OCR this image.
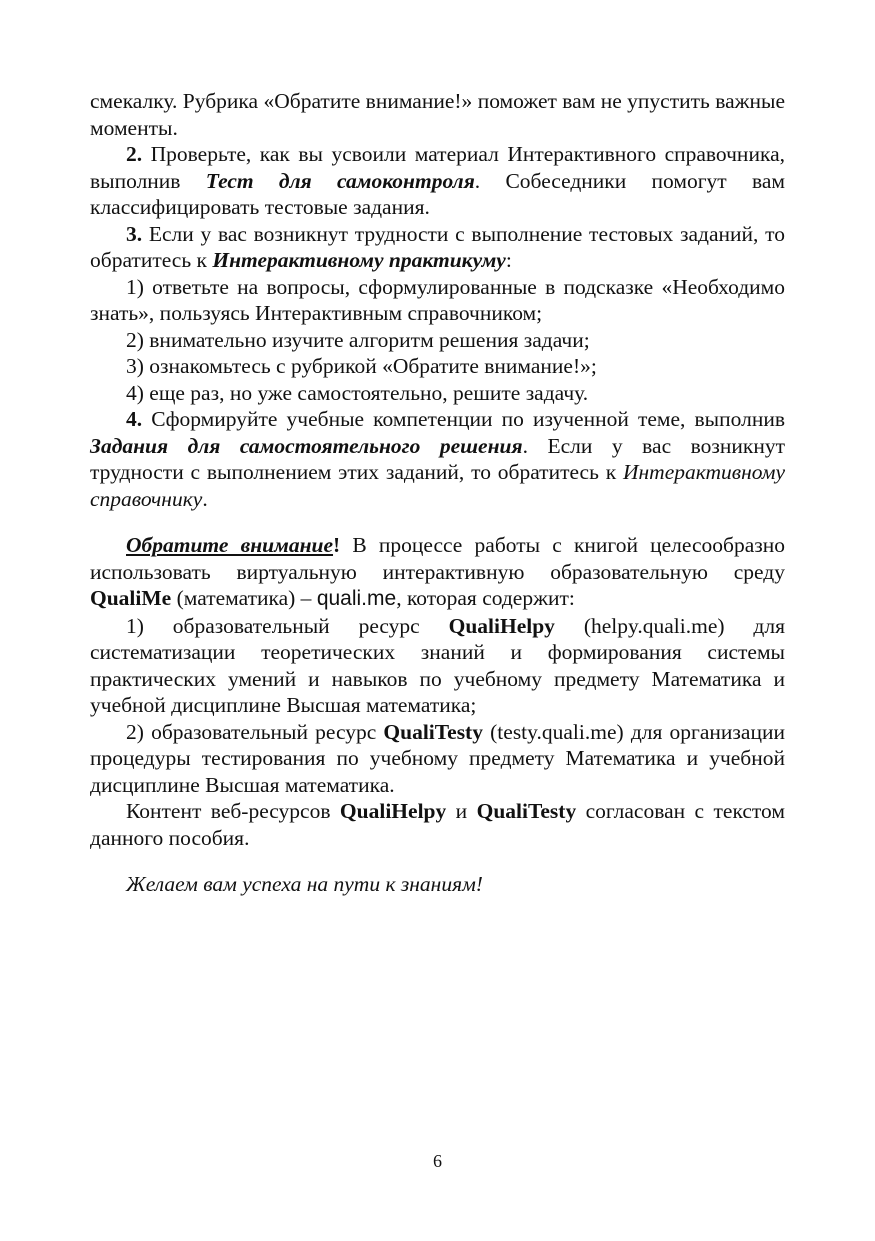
смекалку. Рубрика «Обратите внимание!» поможет вам не упустить важные моменты.

2. Проверьте, как вы усвоили материал Интерактивного справочника, выполнив Тест для самоконтроля. Собеседники помогут вам классифицировать тестовые задания.

3. Если у вас возникнут трудности с выполнение тестовых заданий, то обратитесь к Интерактивному практикуму:

1) ответьте на вопросы, сформулированные в подсказке «Необходимо знать», пользуясь Интерактивным справочником;

2) внимательно изучите алгоритм решения задачи;

3) ознакомьтесь с рубрикой «Обратите внимание!»;

4) еще раз, но уже самостоятельно, решите задачу.

4. Сформируйте учебные компетенции по изученной теме, выполнив Задания для самостоятельного решения. Если у вас возникнут трудности с выполнением этих заданий, то обратитесь к Интерактивному справочнику.

Обратите внимание! В процессе работы с книгой целесообразно использовать виртуальную интерактивную образовательную среду QualiMe (математика) – quali.me, которая содержит:

1) образовательный ресурс QualiHelpy (helpy.quali.me) для систематизации теоретических знаний и формирования системы практических умений и навыков по учебному предмету Математика и учебной дисциплине Высшая математика;

2) образовательный ресурс QualiTesty (testy.quali.me) для организации процедуры тестирования по учебному предмету Математика и учебной дисциплине Высшая математика.

Контент веб-ресурсов QualiHelpy и QualiTesty согласован с текстом данного пособия.

Желаем вам успеха на пути к знаниям!

6
